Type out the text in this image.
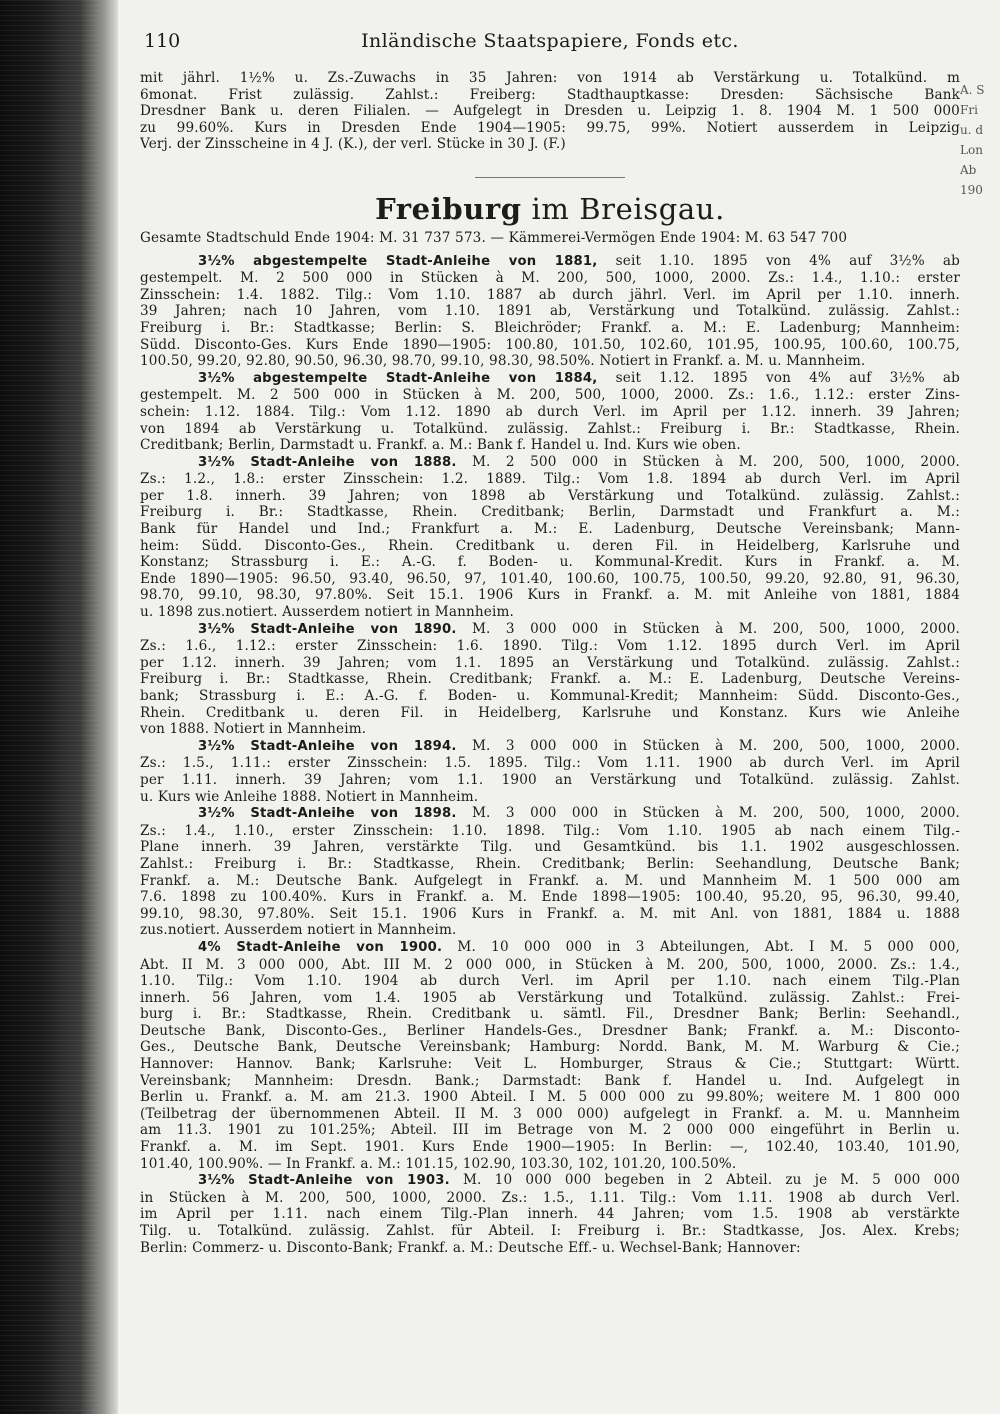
A. S
Fri
u. d
Lon
Ab
190
110	Inländische Staatspapiere, Fonds etc.
mit jährl. 1½% u. Zs.-Zuwachs in 35 Jahren: von 1914 ab Verstärkung u. Totalkünd. m
6monat. Frist zulässig. Zahlst.: Freiberg: Stadthauptkasse: Dresden: Sächsische Bank
Dresdner Bank u. deren Filialen. — Aufgelegt in Dresden u. Leipzig 1. 8. 1904 M. 1 500 000
zu 99.60%. Kurs in Dresden Ende 1904—1905: 99.75, 99%. Notiert ausserdem in Leipzig
Verj. der Zinsscheine in 4 J. (K.), der verl. Stücke in 30 J. (F.)
Freiburg im Breisgau.
Gesamte Stadtschuld Ende 1904: M. 31 737 573. — Kämmerei-Vermögen Ende 1904: M. 63 547 700
3½% abgestempelte Stadt-Anleihe von 1881, seit 1.10. 1895 von 4% auf 3½% ab
gestempelt. M. 2 500 000 in Stücken à M. 200, 500, 1000, 2000. Zs.: 1.4., 1.10.: erster
Zinsschein: 1.4. 1882. Tilg.: Vom 1.10. 1887 ab durch jährl. Verl. im April per 1.10. innerh.
39 Jahren; nach 10 Jahren, vom 1.10. 1891 ab, Verstärkung und Totalkünd. zulässig. Zahlst.:
Freiburg i. Br.: Stadtkasse; Berlin: S. Bleichröder; Frankf. a. M.: E. Ladenburg; Mannheim:
Südd. Disconto-Ges. Kurs Ende 1890—1905: 100.80, 101.50, 102.60, 101.95, 100.95, 100.60, 100.75,
100.50, 99.20, 92.80, 90.50, 96.30, 98.70, 99.10, 98.30, 98.50%. Notiert in Frankf. a. M. u. Mannheim.
3½% abgestempelte Stadt-Anleihe von 1884, seit 1.12. 1895 von 4% auf 3½% ab
gestempelt. M. 2 500 000 in Stücken à M. 200, 500, 1000, 2000. Zs.: 1.6., 1.12.: erster Zins-
schein: 1.12. 1884. Tilg.: Vom 1.12. 1890 ab durch Verl. im April per 1.12. innerh. 39 Jahren;
von 1894 ab Verstärkung u. Totalkünd. zulässig. Zahlst.: Freiburg i. Br.: Stadtkasse, Rhein.
Creditbank; Berlin, Darmstadt u. Frankf. a. M.: Bank f. Handel u. Ind. Kurs wie oben.
3½% Stadt-Anleihe von 1888. M. 2 500 000 in Stücken à M. 200, 500, 1000, 2000.
Zs.: 1.2., 1.8.: erster Zinsschein: 1.2. 1889. Tilg.: Vom 1.8. 1894 ab durch Verl. im April
per 1.8. innerh. 39 Jahren; von 1898 ab Verstärkung und Totalkünd. zulässig. Zahlst.:
Freiburg i. Br.: Stadtkasse, Rhein. Creditbank; Berlin, Darmstadt und Frankfurt a. M.:
Bank für Handel und Ind.; Frankfurt a. M.: E. Ladenburg, Deutsche Vereinsbank; Mann-
heim: Südd. Disconto-Ges., Rhein. Creditbank u. deren Fil. in Heidelberg, Karlsruhe und
Konstanz; Strassburg i. E.: A.-G. f. Boden- u. Kommunal-Kredit. Kurs in Frankf. a. M.
Ende 1890—1905: 96.50, 93.40, 96.50, 97, 101.40, 100.60, 100.75, 100.50, 99.20, 92.80, 91, 96.30,
98.70, 99.10, 98.30, 97.80%. Seit 15.1. 1906 Kurs in Frankf. a. M. mit Anleihe von 1881, 1884
u. 1898 zus.notiert. Ausserdem notiert in Mannheim.
3½% Stadt-Anleihe von 1890. M. 3 000 000 in Stücken à M. 200, 500, 1000, 2000.
Zs.: 1.6., 1.12.: erster Zinsschein: 1.6. 1890. Tilg.: Vom 1.12. 1895 durch Verl. im April
per 1.12. innerh. 39 Jahren; vom 1.1. 1895 an Verstärkung und Totalkünd. zulässig. Zahlst.:
Freiburg i. Br.: Stadtkasse, Rhein. Creditbank; Frankf. a. M.: E. Ladenburg, Deutsche Vereins-
bank; Strassburg i. E.: A.-G. f. Boden- u. Kommunal-Kredit; Mannheim: Südd. Disconto-Ges.,
Rhein. Creditbank u. deren Fil. in Heidelberg, Karlsruhe und Konstanz. Kurs wie Anleihe
von 1888. Notiert in Mannheim.
3½% Stadt-Anleihe von 1894. M. 3 000 000 in Stücken à M. 200, 500, 1000, 2000.
Zs.: 1.5., 1.11.: erster Zinsschein: 1.5. 1895. Tilg.: Vom 1.11. 1900 ab durch Verl. im April
per 1.11. innerh. 39 Jahren; vom 1.1. 1900 an Verstärkung und Totalkünd. zulässig. Zahlst.
u. Kurs wie Anleihe 1888. Notiert in Mannheim.
3½% Stadt-Anleihe von 1898. M. 3 000 000 in Stücken à M. 200, 500, 1000, 2000.
Zs.: 1.4., 1.10., erster Zinsschein: 1.10. 1898. Tilg.: Vom 1.10. 1905 ab nach einem Tilg.-
Plane innerh. 39 Jahren, verstärkte Tilg. und Gesamtkünd. bis 1.1. 1902 ausgeschlossen.
Zahlst.: Freiburg i. Br.: Stadtkasse, Rhein. Creditbank; Berlin: Seehandlung, Deutsche Bank;
Frankf. a. M.: Deutsche Bank. Aufgelegt in Frankf. a. M. und Mannheim M. 1 500 000 am
7.6. 1898 zu 100.40%. Kurs in Frankf. a. M. Ende 1898—1905: 100.40, 95.20, 95, 96.30, 99.40,
99.10, 98.30, 97.80%. Seit 15.1. 1906 Kurs in Frankf. a. M. mit Anl. von 1881, 1884 u. 1888
zus.notiert. Ausserdem notiert in Mannheim.
4% Stadt-Anleihe von 1900. M. 10 000 000 in 3 Abteilungen, Abt. I M. 5 000 000,
Abt. II M. 3 000 000, Abt. III M. 2 000 000, in Stücken à M. 200, 500, 1000, 2000. Zs.: 1.4.,
1.10. Tilg.: Vom 1.10. 1904 ab durch Verl. im April per 1.10. nach einem Tilg.-Plan
innerh. 56 Jahren, vom 1.4. 1905 ab Verstärkung und Totalkünd. zulässig. Zahlst.: Frei-
burg i. Br.: Stadtkasse, Rhein. Creditbank u. sämtl. Fil., Dresdner Bank; Berlin: Seehandl.,
Deutsche Bank, Disconto-Ges., Berliner Handels-Ges., Dresdner Bank; Frankf. a. M.: Disconto-
Ges., Deutsche Bank, Deutsche Vereinsbank; Hamburg: Nordd. Bank, M. M. Warburg & Cie.;
Hannover: Hannov. Bank; Karlsruhe: Veit L. Homburger, Straus & Cie.; Stuttgart: Württ.
Vereinsbank; Mannheim: Dresdn. Bank.; Darmstadt: Bank f. Handel u. Ind. Aufgelegt in
Berlin u. Frankf. a. M. am 21.3. 1900 Abteil. I M. 5 000 000 zu 99.80%; weitere M. 1 800 000
(Teilbetrag der übernommenen Abteil. II M. 3 000 000) aufgelegt in Frankf. a. M. u. Mannheim
am 11.3. 1901 zu 101.25%; Abteil. III im Betrage von M. 2 000 000 eingeführt in Berlin u.
Frankf. a. M. im Sept. 1901. Kurs Ende 1900—1905: In Berlin: —, 102.40, 103.40, 101.90,
101.40, 100.90%. — In Frankf. a. M.: 101.15, 102.90, 103.30, 102, 101.20, 100.50%.
3½% Stadt-Anleihe von 1903. M. 10 000 000 begeben in 2 Abteil. zu je M. 5 000 000
in Stücken à M. 200, 500, 1000, 2000. Zs.: 1.5., 1.11. Tilg.: Vom 1.11. 1908 ab durch Verl.
im April per 1.11. nach einem Tilg.-Plan innerh. 44 Jahren; vom 1.5. 1908 ab verstärkte
Tilg. u. Totalkünd. zulässig. Zahlst. für Abteil. I: Freiburg i. Br.: Stadtkasse, Jos. Alex. Krebs;
Berlin: Commerz- u. Disconto-Bank; Frankf. a. M.: Deutsche Eff.- u. Wechsel-Bank; Hannover:
